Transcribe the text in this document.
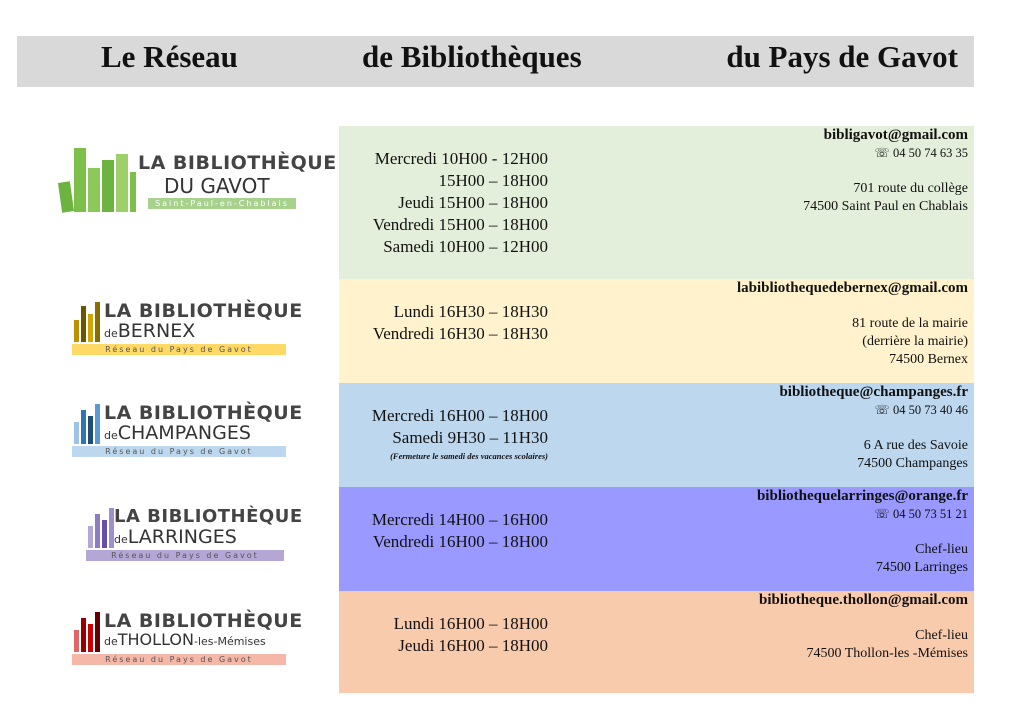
Le Réseau	de Bibliothèques	du Pays de Gavot
LA BIBLIOTHÈQUE
DU GAVOT
Saint-Paul-en-Chablais
Mercredi 10H00 - 12H00
15H00 – 18H00
Jeudi 15H00 – 18H00
Vendredi 15H00 – 18H00
Samedi 10H00 – 12H00
bibligavot@gmail.com
☏ 04 50 74 63 35
701 route du collège
74500 Saint Paul en Chablais
LA BIBLIOTHÈQUE
deBERNEX
Réseau du Pays de Gavot
Lundi 16H30 – 18H30
Vendredi 16H30 – 18H30
labibliothequedebernex@gmail.com
81 route de la mairie
(derrière la mairie)
74500 Bernex
LA BIBLIOTHÈQUE
deCHAMPANGES
Réseau du Pays de Gavot
Mercredi 16H00 – 18H00
Samedi 9H30 – 11H30
(Fermeture le samedi des vacances scolaires)
bibliotheque@champanges.fr
☏ 04 50 73 40 46
6 A rue des Savoie
74500 Champanges
LA BIBLIOTHÈQUE
deLARRINGES
Réseau du Pays de Gavot
Mercredi 14H00 – 16H00
Vendredi 16H00 – 18H00
bibliothequelarringes@orange.fr
☏ 04 50 73 51 21
Chef-lieu
74500 Larringes
LA BIBLIOTHÈQUE
deTHOLLON-les-Mémises
Réseau du Pays de Gavot
Lundi 16H00 – 18H00
Jeudi 16H00 – 18H00
bibliotheque.thollon@gmail.com
Chef-lieu
74500 Thollon-les -Mémises
